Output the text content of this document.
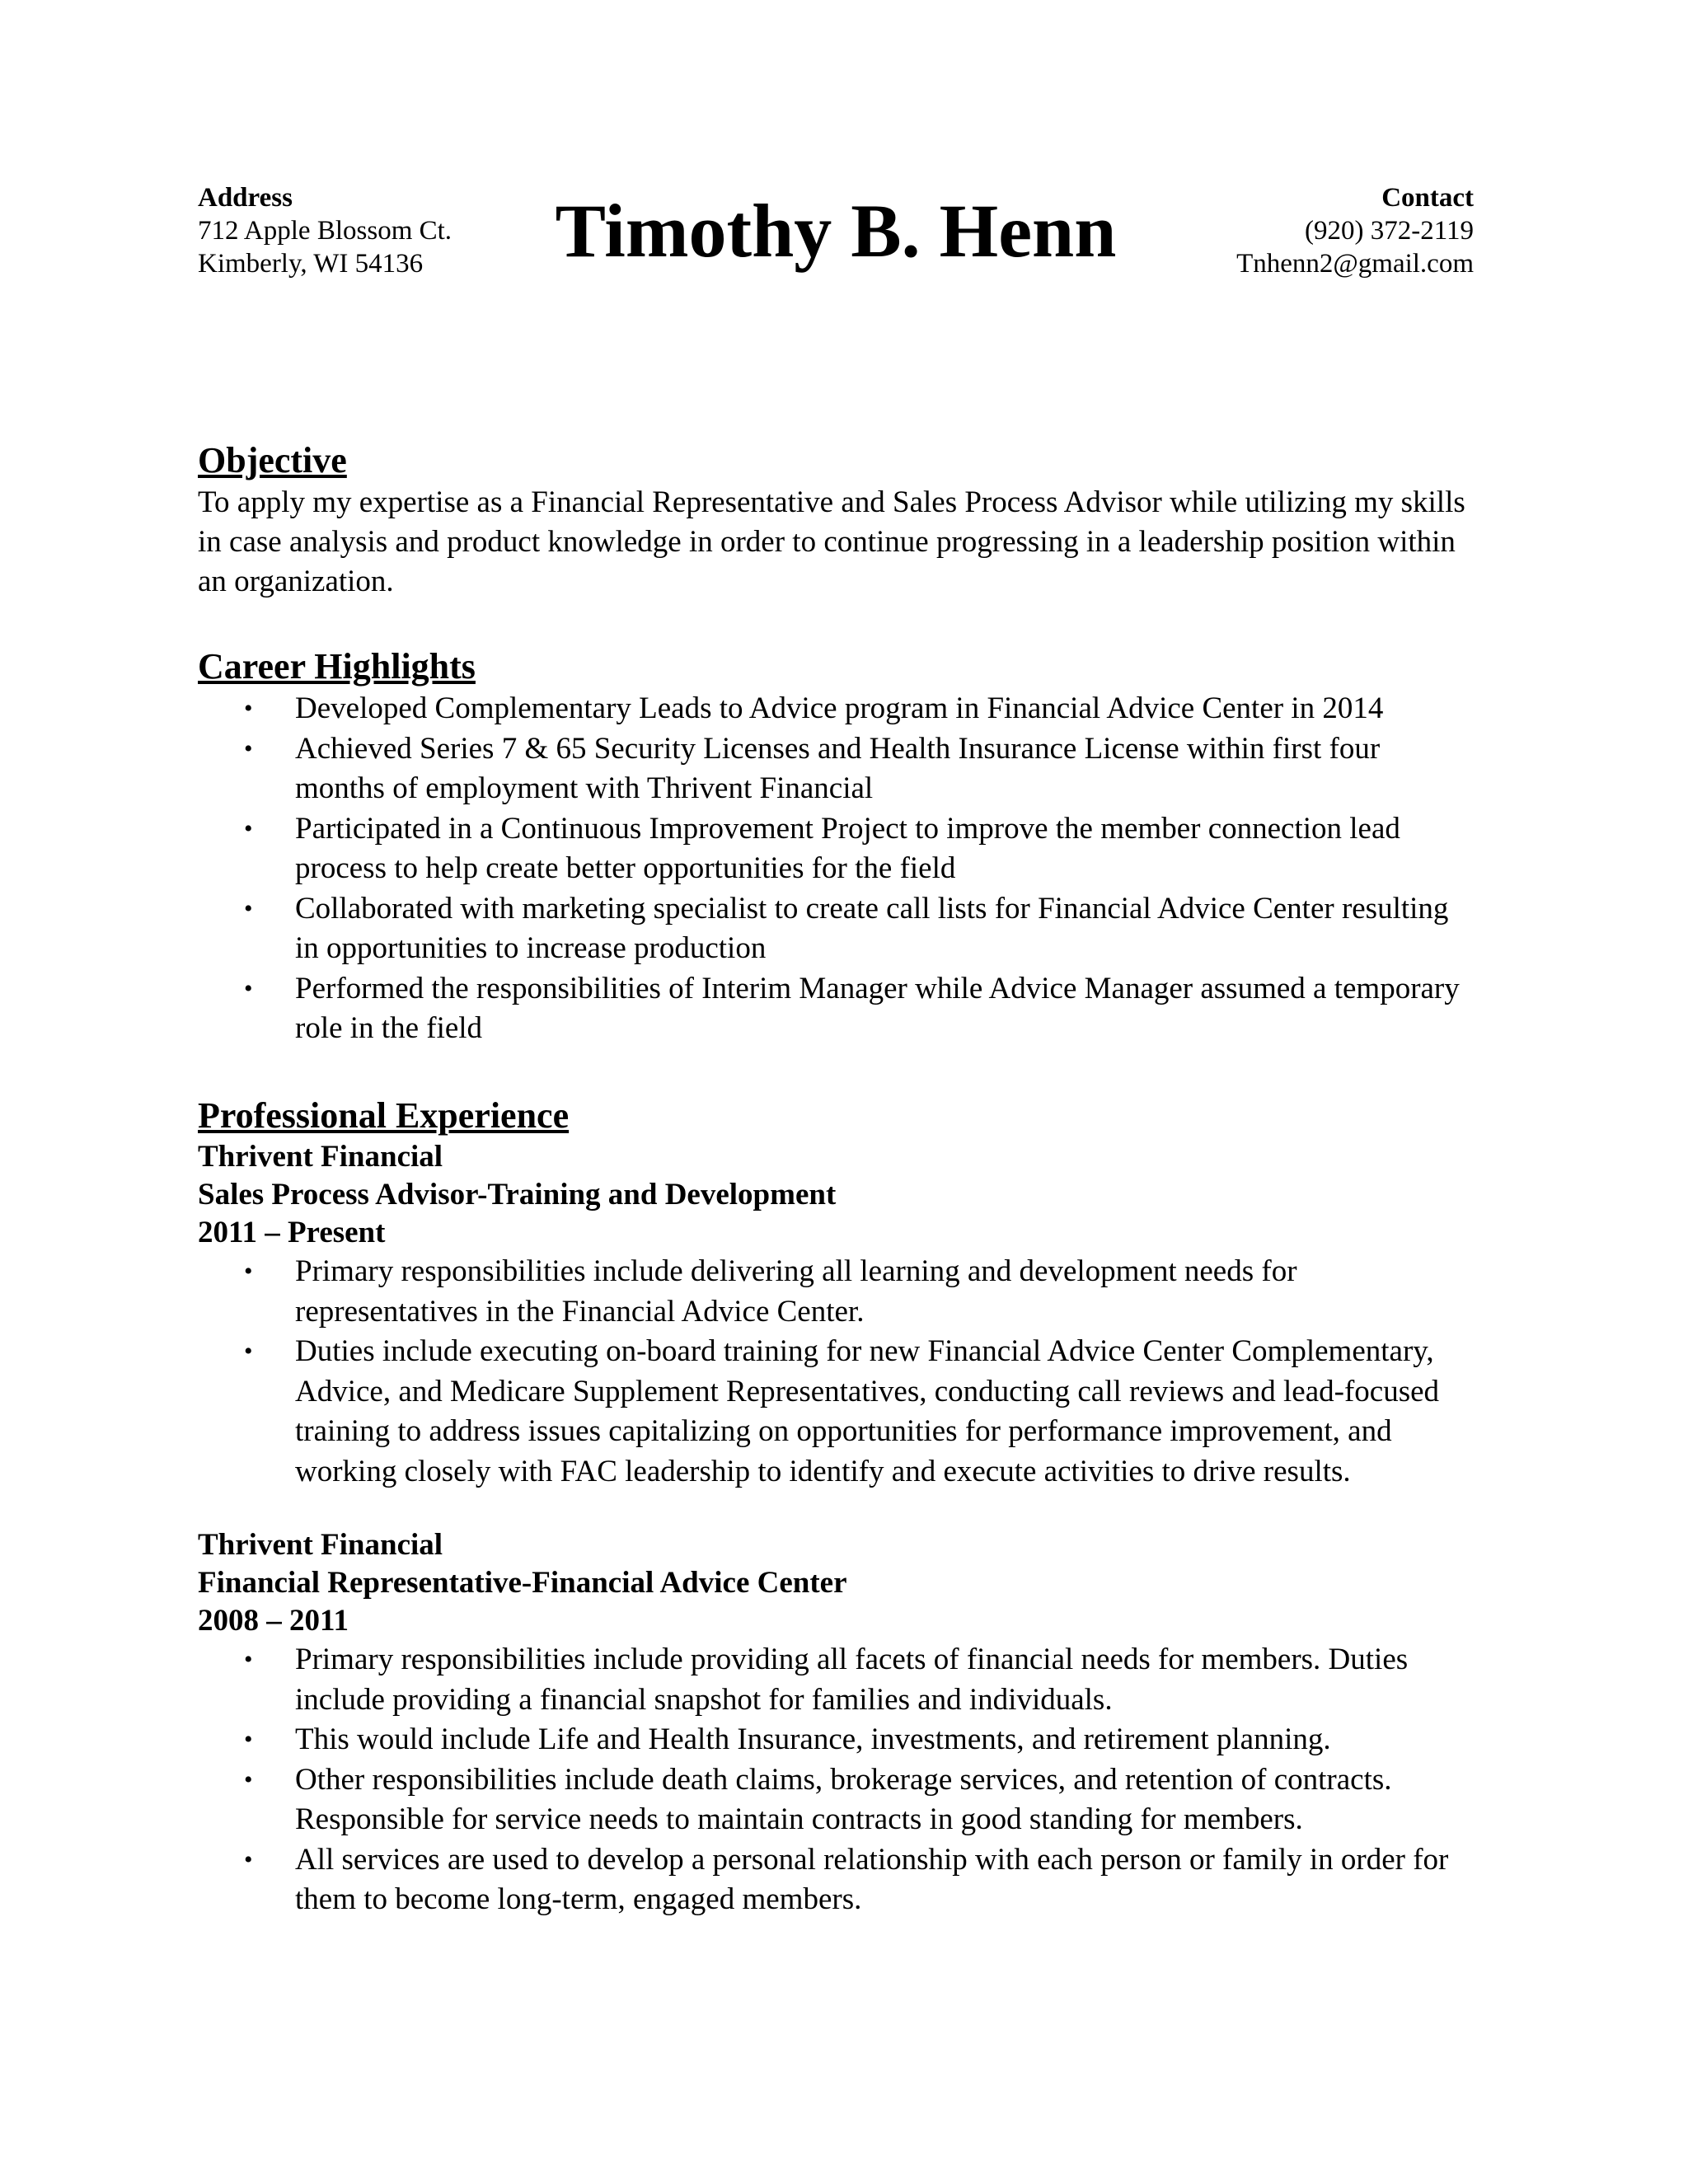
Address
712 Apple Blossom Ct.
Kimberly, WI 54136	Timothy B. Henn	Contact
(920) 372-2119
Tnhenn2@gmail.com
Objective

To apply my expertise as a Financial Representative and Sales Process Advisor while utilizing my skills in case analysis and product knowledge in order to continue progressing in a leadership position within an organization.

Career Highlights
• Developed Complementary Leads to Advice program in Financial Advice Center in 2014
• Achieved Series 7 & 65 Security Licenses and Health Insurance License within first four months of employment with Thrivent Financial
• Participated in a Continuous Improvement Project to improve the member connection lead process to help create better opportunities for the field
• Collaborated with marketing specialist to create call lists for Financial Advice Center resulting in opportunities to increase production
• Performed the responsibilities of Interim Manager while Advice Manager assumed a temporary role in the field
Professional Experience

Thrivent Financial

Sales Process Advisor-Training and Development

2011 – Present

• Primary responsibilities include delivering all learning and development needs for representatives in the Financial Advice Center.
• Duties include executing on-board training for new Financial Advice Center Complementary, Advice, and Medicare Supplement Representatives, conducting call reviews and lead-focused training to address issues capitalizing on opportunities for performance improvement, and working closely with FAC leadership to identify and execute activities to drive results.

Thrivent Financial

Financial Representative-Financial Advice Center

2008 – 2011

• Primary responsibilities include providing all facets of financial needs for members. Duties include providing a financial snapshot for families and individuals.
• This would include Life and Health Insurance, investments, and retirement planning.
• Other responsibilities include death claims, brokerage services, and retention of contracts. Responsible for service needs to maintain contracts in good standing for members.
• All services are used to develop a personal relationship with each person or family in order for them to become long-term, engaged members.
